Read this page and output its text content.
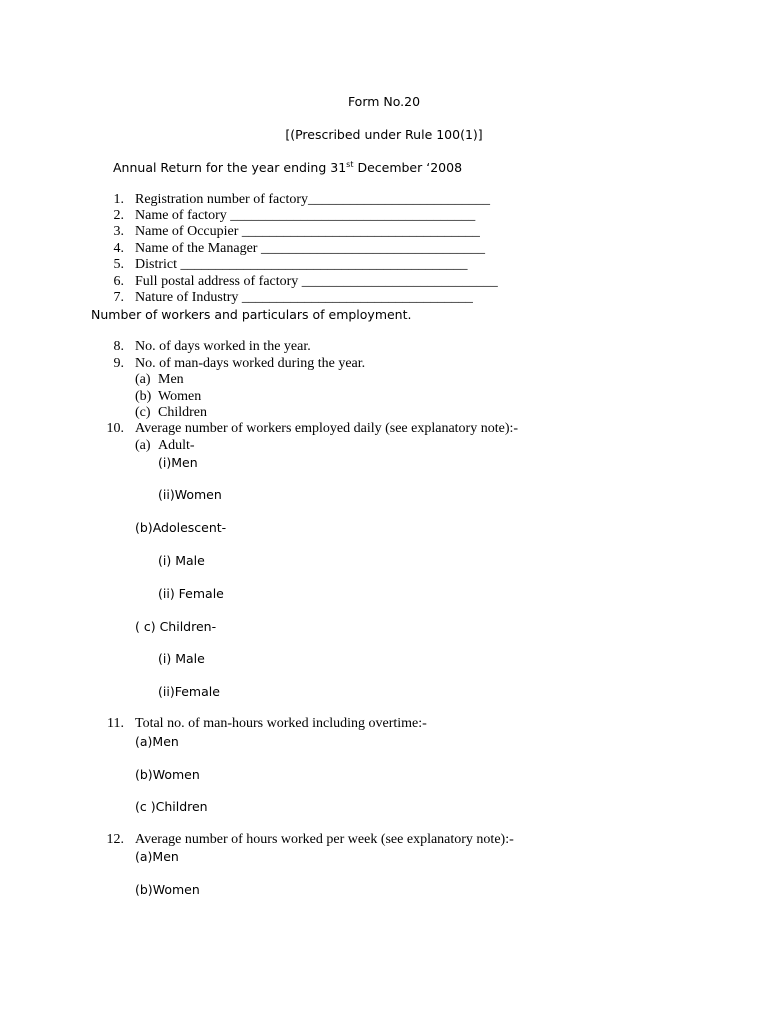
Form No.20
[(Prescribed under Rule 100(1)]
Annual Return for the year ending 31st December ‘2008
1. Registration number of factory__________________________
2. Name of factory ___________________________________
3. Name of Occupier __________________________________
4. Name of the Manager ________________________________
5. District _________________________________________
6. Full postal address of factory ____________________________
7. Nature of Industry _________________________________
Number of workers and particulars of employment.
8. No. of days worked in the year.
9. No. of man-days worked during the year.
(a) Men
(b) Women
(c) Children
10. Average number of workers employed daily (see explanatory note):-
(a) Adult-
(i)Men
(ii)Women
(b)Adolescent-
(i) Male
(ii) Female
( c) Children-
(i) Male
(ii)Female
11. Total no. of man-hours worked including overtime:-
(a)Men
(b)Women
(c )Children
12. Average number of hours worked per week (see explanatory note):-
(a)Men
(b)Women
